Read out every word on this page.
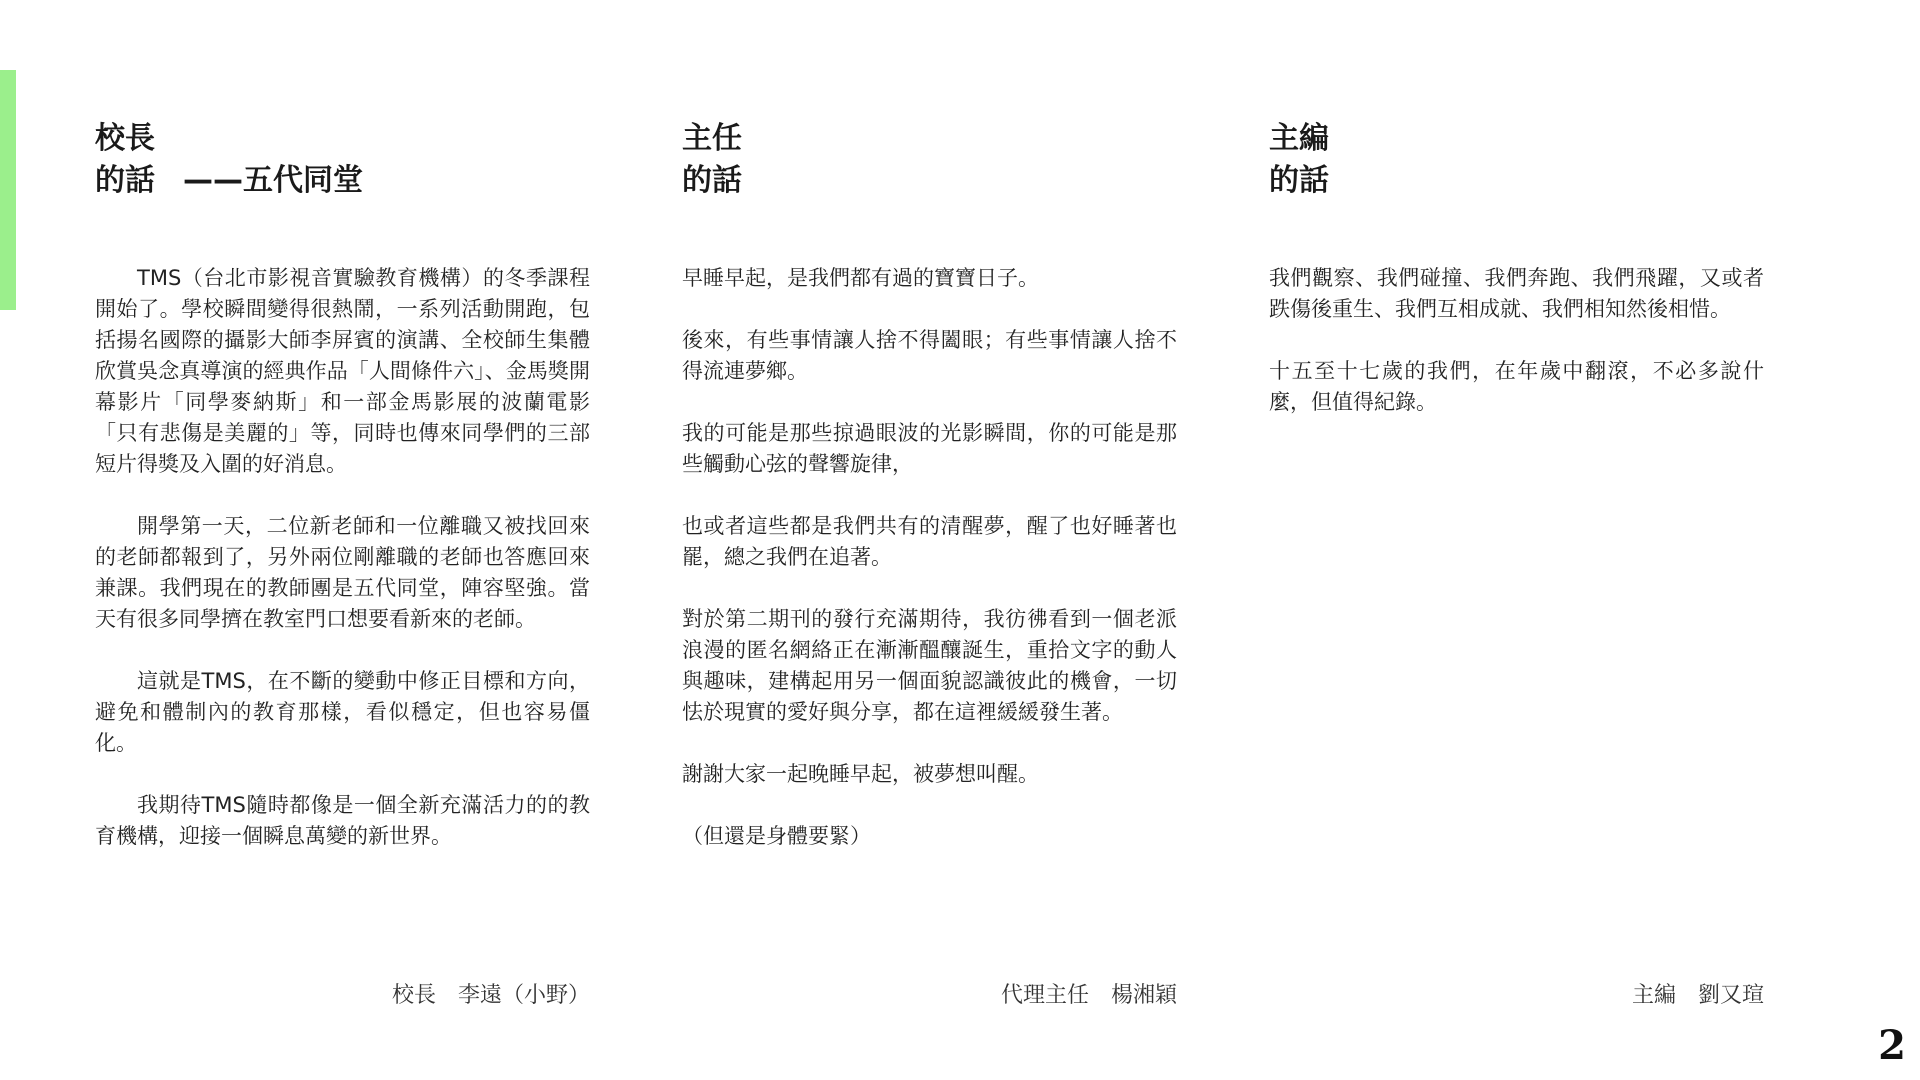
校長
的話 ——五代同堂

TMS（台北市影視音實驗教育機構）的冬季課程開始了。學校瞬間變得很熱鬧，一系列活動開跑，包括揚名國際的攝影大師李屏賓的演講、全校師生集體欣賞吳念真導演的經典作品「人間條件六」、金馬獎開幕影片「同學麥納斯」和一部金馬影展的波蘭電影「只有悲傷是美麗的」等，同時也傳來同學們的三部短片得獎及入圍的好消息。

開學第一天，二位新老師和一位離職又被找回來的老師都報到了，另外兩位剛離職的老師也答應回來兼課。我們現在的教師團是五代同堂，陣容堅強。當天有很多同學擠在教室門口想要看新來的老師。

這就是TMS，在不斷的變動中修正目標和方向，避免和體制內的教育那樣，看似穩定，但也容易僵化。

我期待TMS隨時都像是一個全新充滿活力的的教育機構，迎接一個瞬息萬變的新世界。

校長　李遠（小野）
主任
的話

早睡早起，是我們都有過的寶寶日子。

後來，有些事情讓人捨不得闔眼；有些事情讓人捨不得流連夢鄉。

我的可能是那些掠過眼波的光影瞬間，你的可能是那些觸動心弦的聲響旋律，

也或者這些都是我們共有的清醒夢，醒了也好睡著也罷，總之我們在追著。

對於第二期刊的發行充滿期待，我彷彿看到一個老派浪漫的匿名網絡正在漸漸醞釀誕生，重拾文字的動人與趣味，建構起用另一個面貌認識彼此的機會，一切怯於現實的愛好與分享，都在這裡緩緩發生著。

謝謝大家一起晚睡早起，被夢想叫醒。

（但還是身體要緊）

代理主任　楊湘穎
主編
的話

我們觀察、我們碰撞、我們奔跑、我們飛躍，又或者跌傷後重生、我們互相成就、我們相知然後相惜。

十五至十七歲的我們，在年歲中翻滾，不必多說什麼，但值得紀錄。

主編　劉又瑄
2
